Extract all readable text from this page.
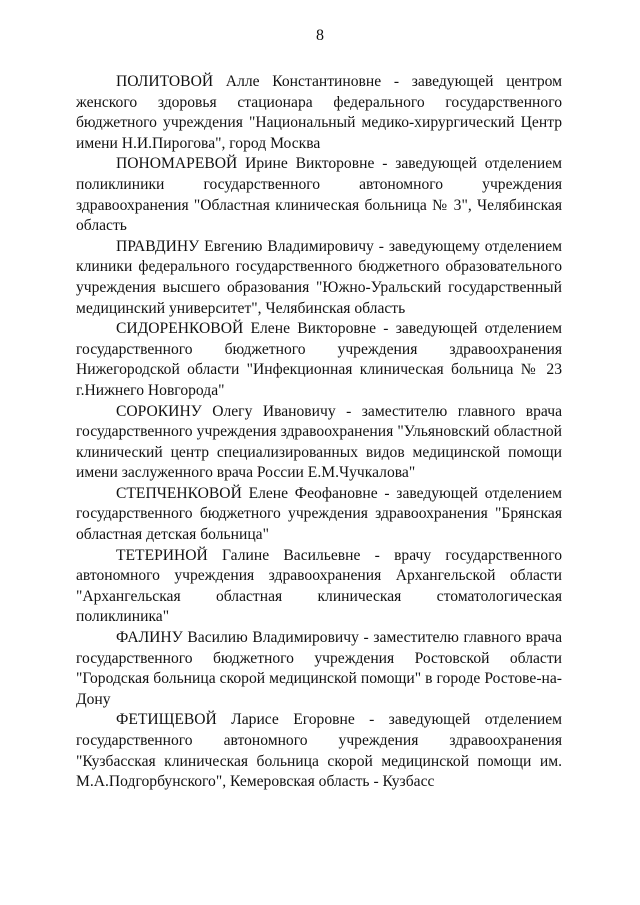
8

ПОЛИТОВОЙ Алле Константиновне - заведующей центром женского здоровья стационара федерального государственного бюджетного учреждения "Национальный медико-хирургический Центр имени Н.И.Пирогова", город Москва

ПОНОМАРЕВОЙ Ирине Викторовне - заведующей отделением поликлиники государственного автономного учреждения здравоохранения "Областная клиническая больница № 3", Челябинская область

ПРАВДИНУ Евгению Владимировичу - заведующему отделением клиники федерального государственного бюджетного образовательного учреждения высшего образования "Южно-Уральский государственный медицинский университет", Челябинская область

СИДОРЕНКОВОЙ Елене Викторовне - заведующей отделением государственного бюджетного учреждения здравоохранения Нижегородской области "Инфекционная клиническая больница № 23 г.Нижнего Новгорода"

СОРОКИНУ Олегу Ивановичу - заместителю главного врача государственного учреждения здравоохранения "Ульяновский областной клинический центр специализированных видов медицинской помощи имени заслуженного врача России Е.М.Чучкалова"

СТЕПЧЕНКОВОЙ Елене Феофановне - заведующей отделением государственного бюджетного учреждения здравоохранения "Брянская областная детская больница"

ТЕТЕРИНОЙ Галине Васильевне - врачу государственного автономного учреждения здравоохранения Архангельской области "Архангельская областная клиническая стоматологическая поликлиника"

ФАЛИНУ Василию Владимировичу - заместителю главного врача государственного бюджетного учреждения Ростовской области "Городская больница скорой медицинской помощи" в городе Ростове-на-Дону

ФЕТИЩЕВОЙ Ларисе Егоровне - заведующей отделением государственного автономного учреждения здравоохранения "Кузбасская клиническая больница скорой медицинской помощи им. М.А.Подгорбунского", Кемеровская область - Кузбасс
